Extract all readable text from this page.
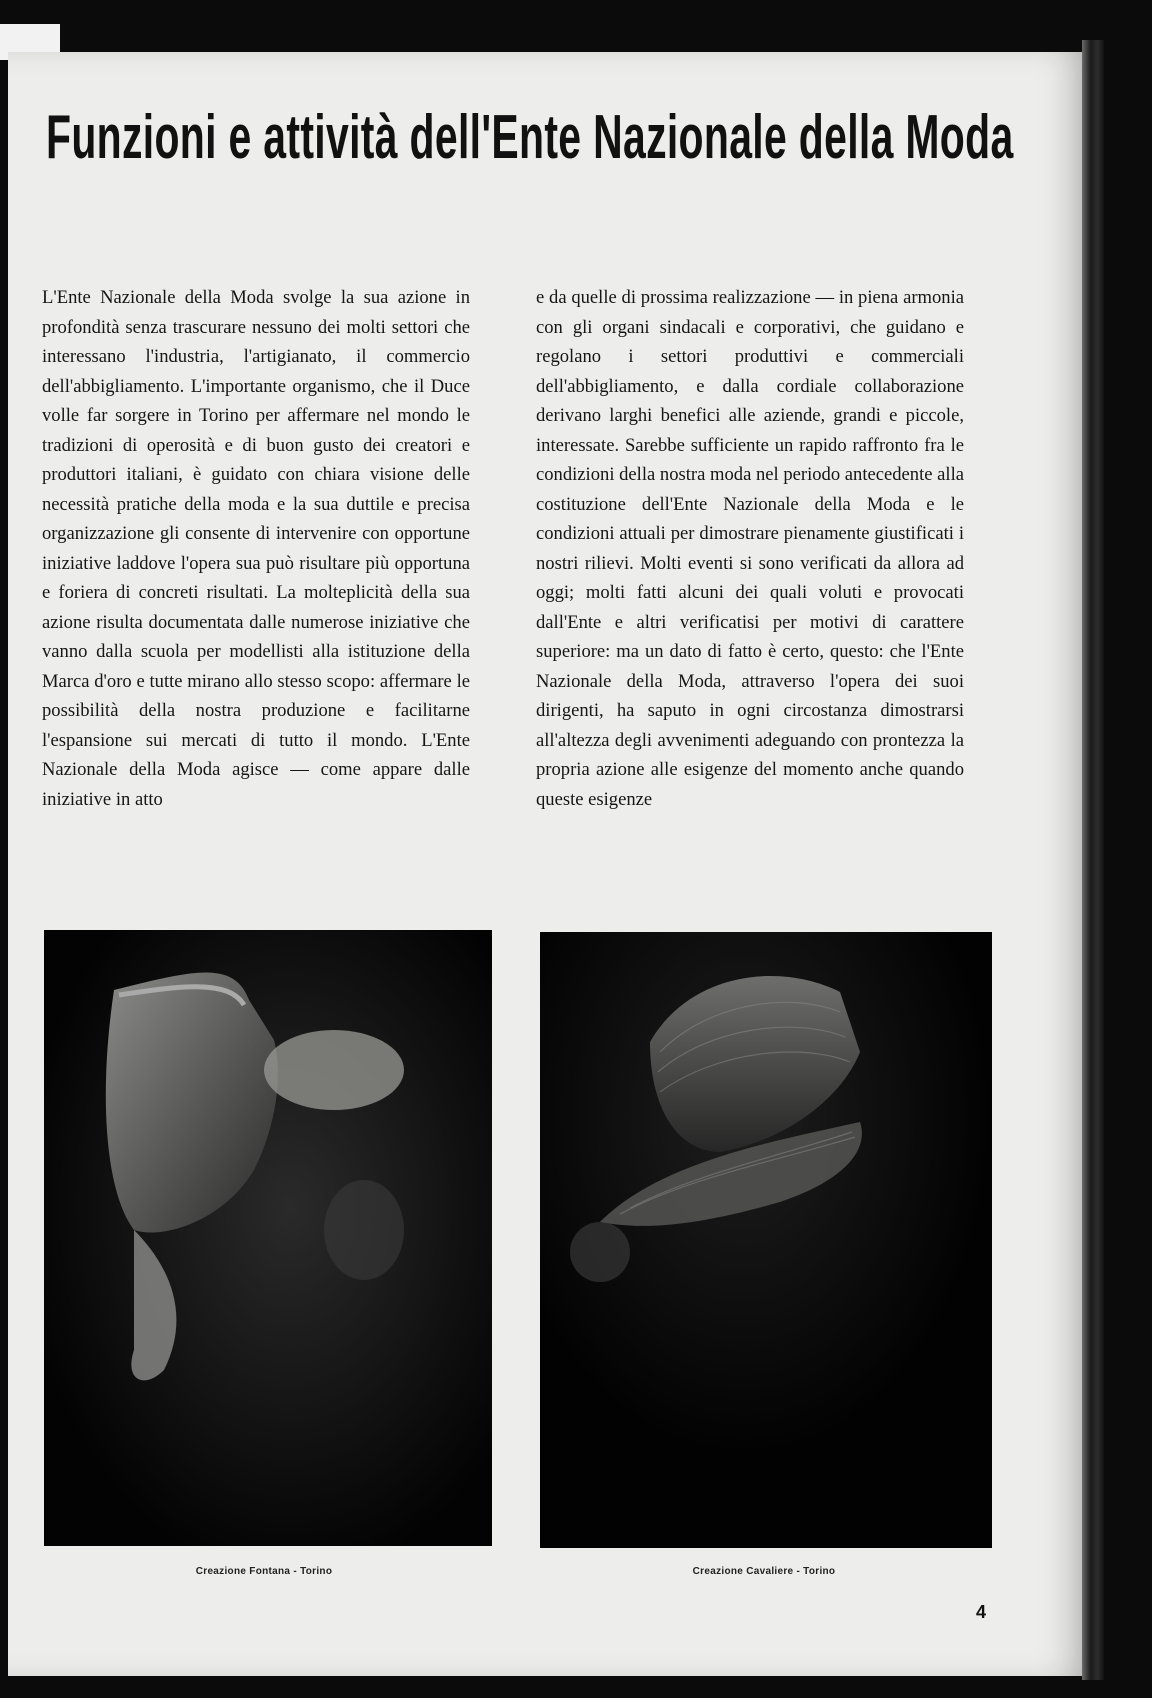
Funzioni e attività dell'Ente Nazionale della Moda

L'Ente Nazionale della Moda svolge la sua azione in profondità senza trascurare nessuno dei molti settori che interessano l'industria, l'artigianato, il commercio dell'abbigliamento. L'importante organismo, che il Duce volle far sorgere in Torino per affermare nel mondo le tradizioni di operosità e di buon gusto dei creatori e produttori italiani, è guidato con chiara visione delle necessità pratiche della moda e la sua duttile e precisa organizzazione gli consente di intervenire con opportune iniziative laddove l'opera sua può risultare più opportuna e foriera di concreti risultati. La molteplicità della sua azione risulta documentata dalle numerose iniziative che vanno dalla scuola per modellisti alla istituzione della Marca d'oro e tutte mirano allo stesso scopo: affermare le possibilità della nostra produzione e facilitarne l'espansione sui mercati di tutto il mondo. L'Ente Nazionale della Moda agisce — come appare dalle iniziative in atto

e da quelle di prossima realizzazione — in piena armonia con gli organi sindacali e corporativi, che guidano e regolano i settori produttivi e commerciali dell'abbigliamento, e dalla cordiale collaborazione derivano larghi benefici alle aziende, grandi e piccole, interessate. Sarebbe sufficiente un rapido raffronto fra le condizioni della nostra moda nel periodo antecedente alla costituzione dell'Ente Nazionale della Moda e le condizioni attuali per dimostrare pienamente giustificati i nostri rilievi. Molti eventi si sono verificati da allora ad oggi; molti fatti alcuni dei quali voluti e provocati dall'Ente e altri verificatisi per motivi di carattere superiore: ma un dato di fatto è certo, questo: che l'Ente Nazionale della Moda, attraverso l'opera dei suoi dirigenti, ha saputo in ogni circostanza dimostrarsi all'altezza degli avvenimenti adeguando con prontezza la propria azione alle esigenze del momento anche quando queste esigenze

Creazione Fontana - Torino	Creazione Cavaliere - Torino
4
